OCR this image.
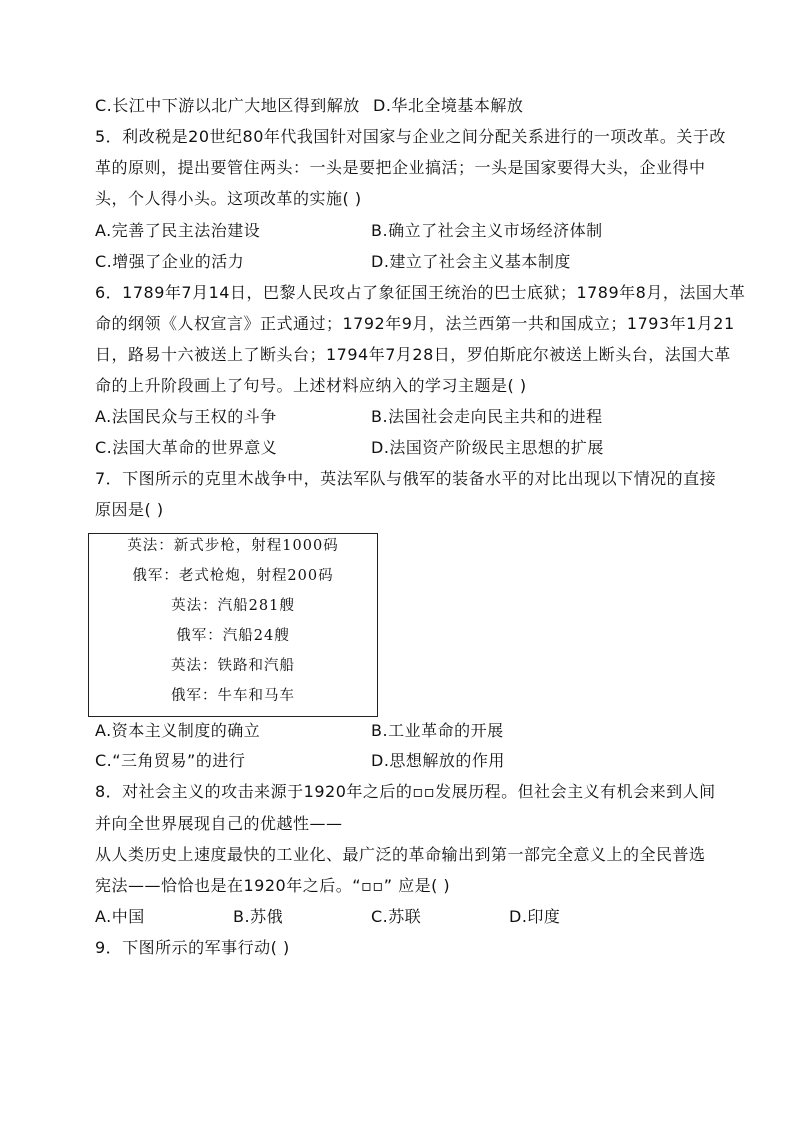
C.长江中下游以北广大地区得到解放 D.华北全境基本解放
5．利改税是20世纪80年代我国针对国家与企业之间分配关系进行的一项改革。关于改
革的原则，提出要管住两头：一头是要把企业搞活；一头是国家要得大头，企业得中
头，个人得小头。这项改革的实施( )
A.完善了民主法治建设	B.确立了社会主义市场经济体制
C.增强了企业的活力	D.建立了社会主义基本制度
6．1789年7月14日，巴黎人民攻占了象征国王统治的巴士底狱；1789年8月，法国大革
命的纲领《人权宣言》正式通过；1792年9月，法兰西第一共和国成立；1793年1月21
日，路易十六被送上了断头台；1794年7月28日，罗伯斯庇尔被送上断头台，法国大革
命的上升阶段画上了句号。上述材料应纳入的学习主题是( )
A.法国民众与王权的斗争	B.法国社会走向民主共和的进程
C.法国大革命的世界意义	D.法国资产阶级民主思想的扩展
7．下图所示的克里木战争中，英法军队与俄军的装备水平的对比出现以下情况的直接
原因是( )
英法：新式步枪，射程1000码
俄军：老式枪炮，射程200码
英法：汽船281艘
俄军：汽船24艘
英法：铁路和汽船
俄军：牛车和马车
A.资本主义制度的确立	B.工业革命的开展
C.“三角贸易”的进行	D.思想解放的作用
8．对社会主义的攻击来源于1920年之后的▫▫发展历程。但社会主义有机会来到人间
并向全世界展现自己的优越性——
从人类历史上速度最快的工业化、最广泛的革命输出到第一部完全意义上的全民普选
宪法——恰恰也是在1920年之后。“▫▫” 应是( )
A.中国	B.苏俄	C.苏联	D.印度
9．下图所示的军事行动( )
